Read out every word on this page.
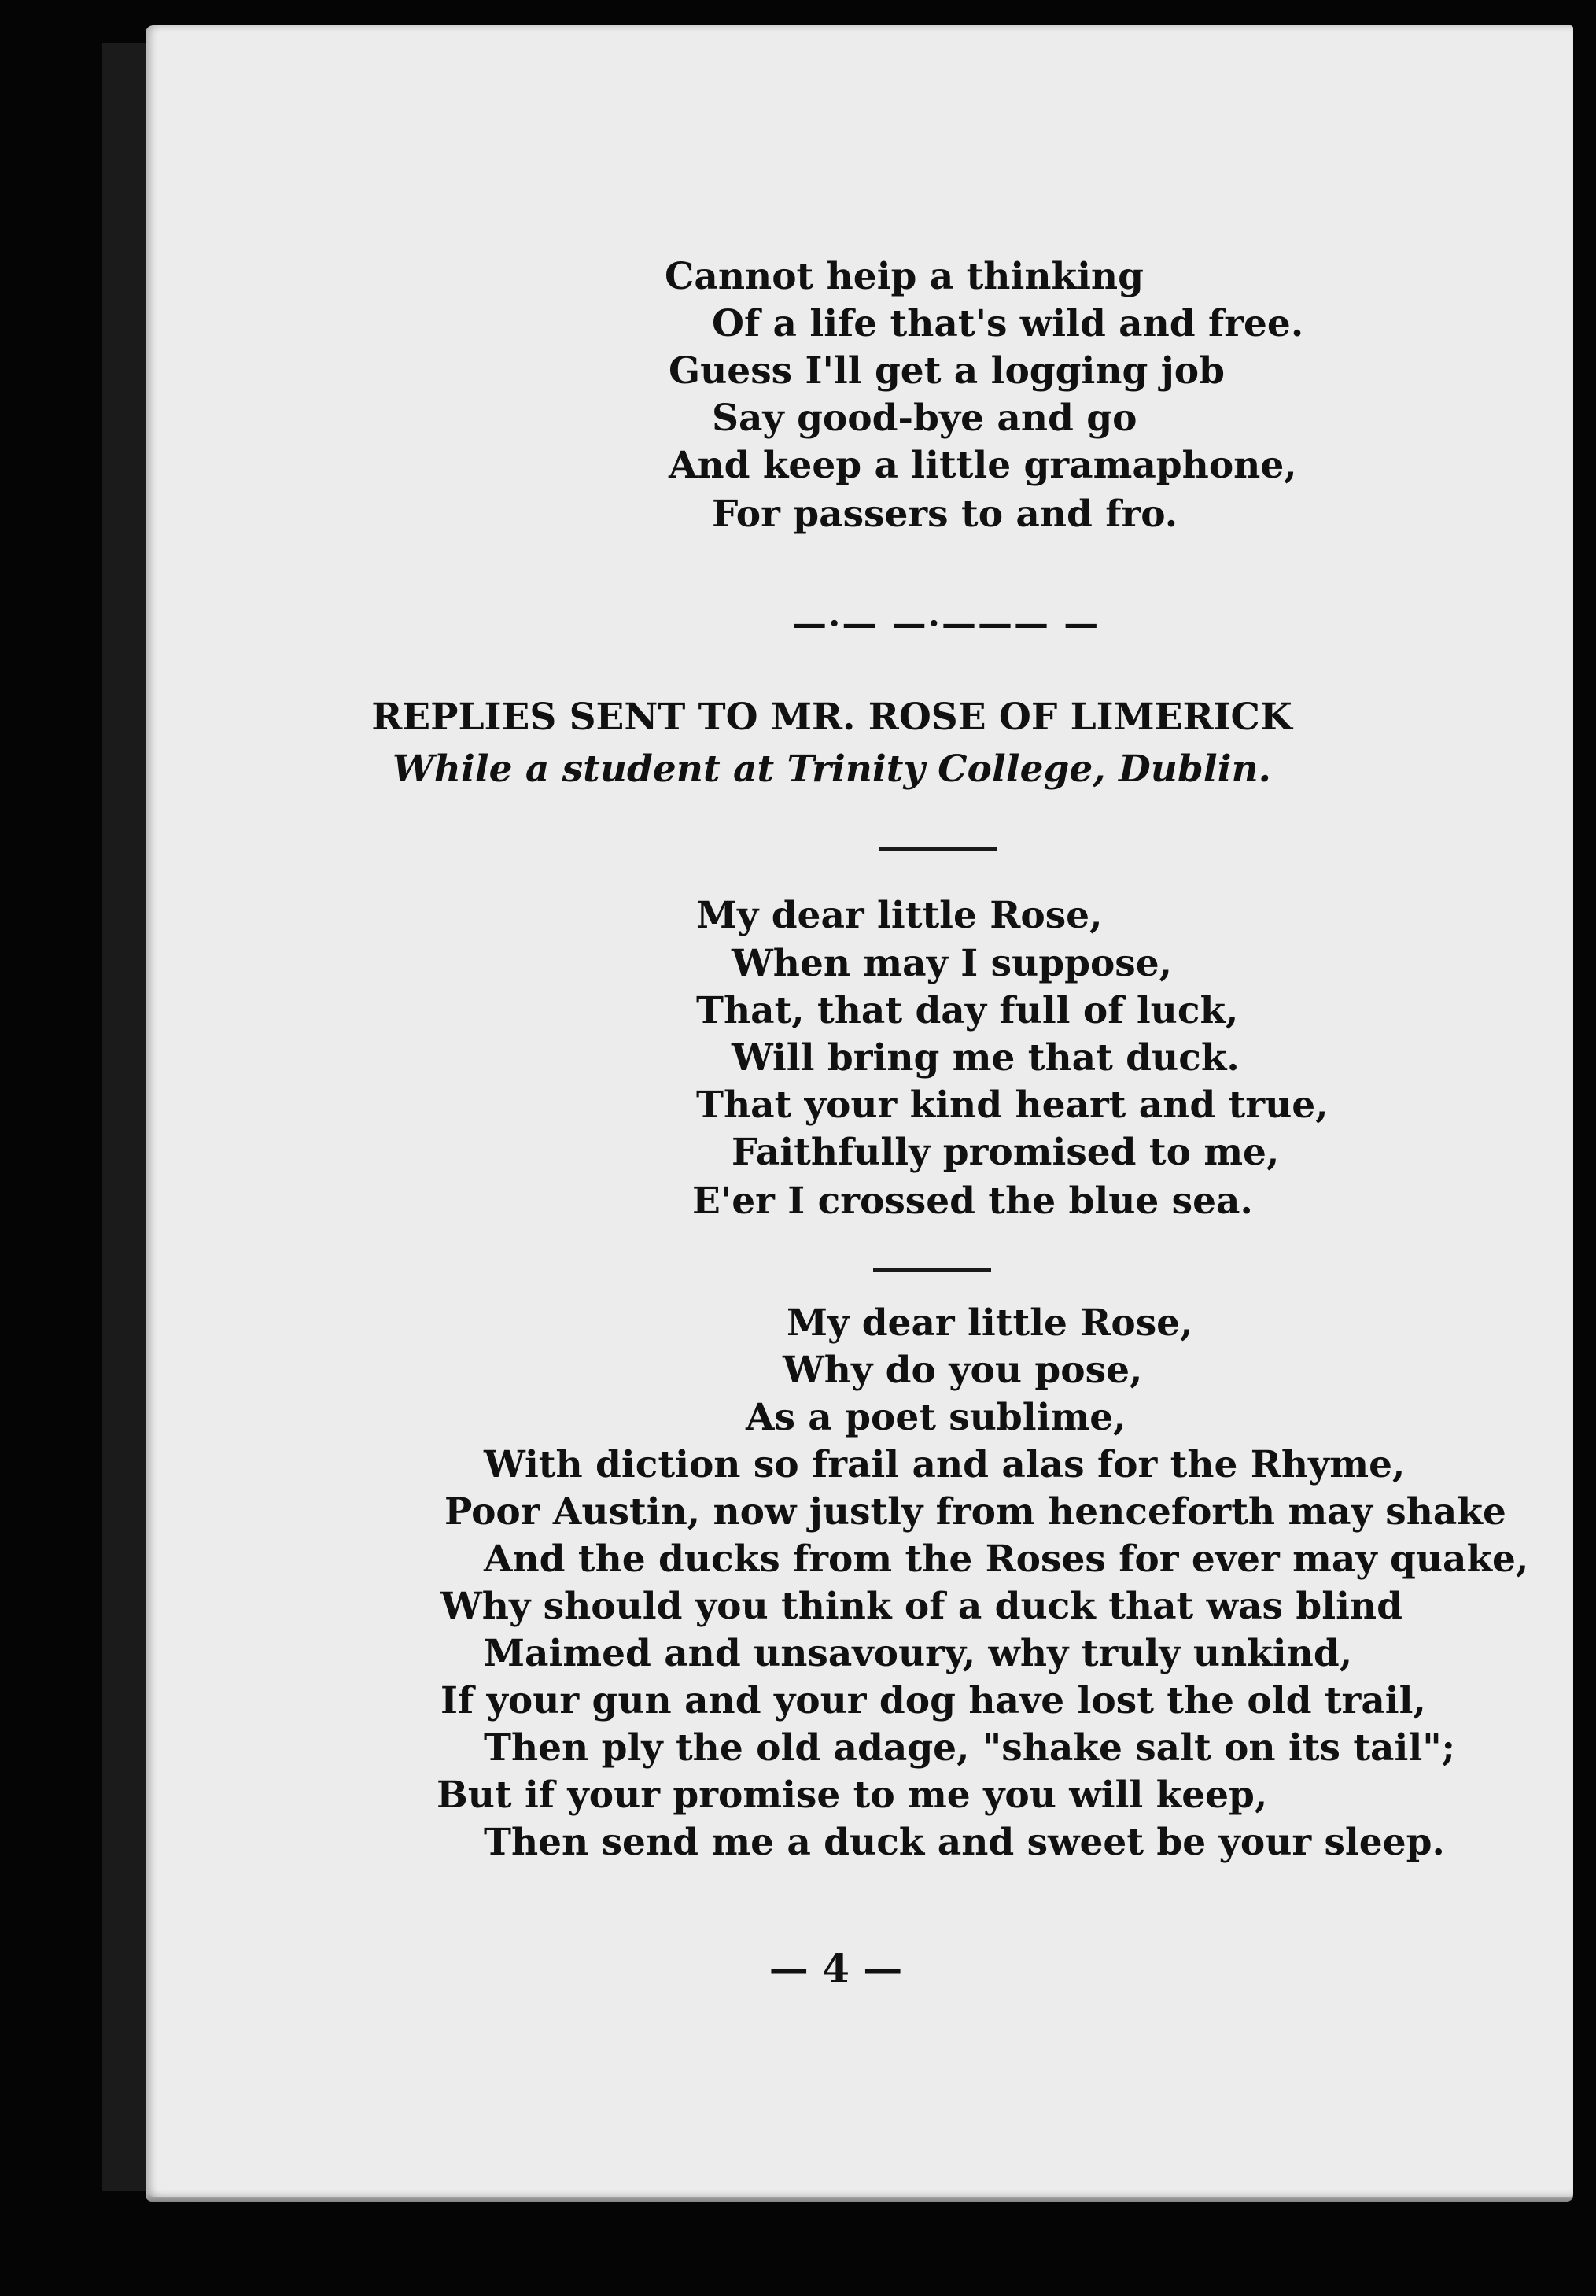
Cannot heip a thinking
Of a life that's wild and free.
Guess I'll get a logging job
Say good-bye and go
And keep a little gramaphone,
For passers to and fro.
—·— —·——— —
REPLIES SENT TO MR. ROSE OF LIMERICK
While a student at Trinity College, Dublin.
My dear little Rose,
When may I suppose,
That, that day full of luck,
Will bring me that duck.
That your kind heart and true,
Faithfully promised to me,
E'er I crossed the blue sea.
My dear little Rose,
Why do you pose,
As a poet sublime,
With diction so frail and alas for the Rhyme,
Poor Austin, now justly from henceforth may shake
And the ducks from the Roses for ever may quake,
Why should you think of a duck that was blind
Maimed and unsavoury, why truly unkind,
If your gun and your dog have lost the old trail,
Then ply the old adage, "shake salt on its tail";
But if your promise to me you will keep,
Then send me a duck and sweet be your sleep.
— 4 —
